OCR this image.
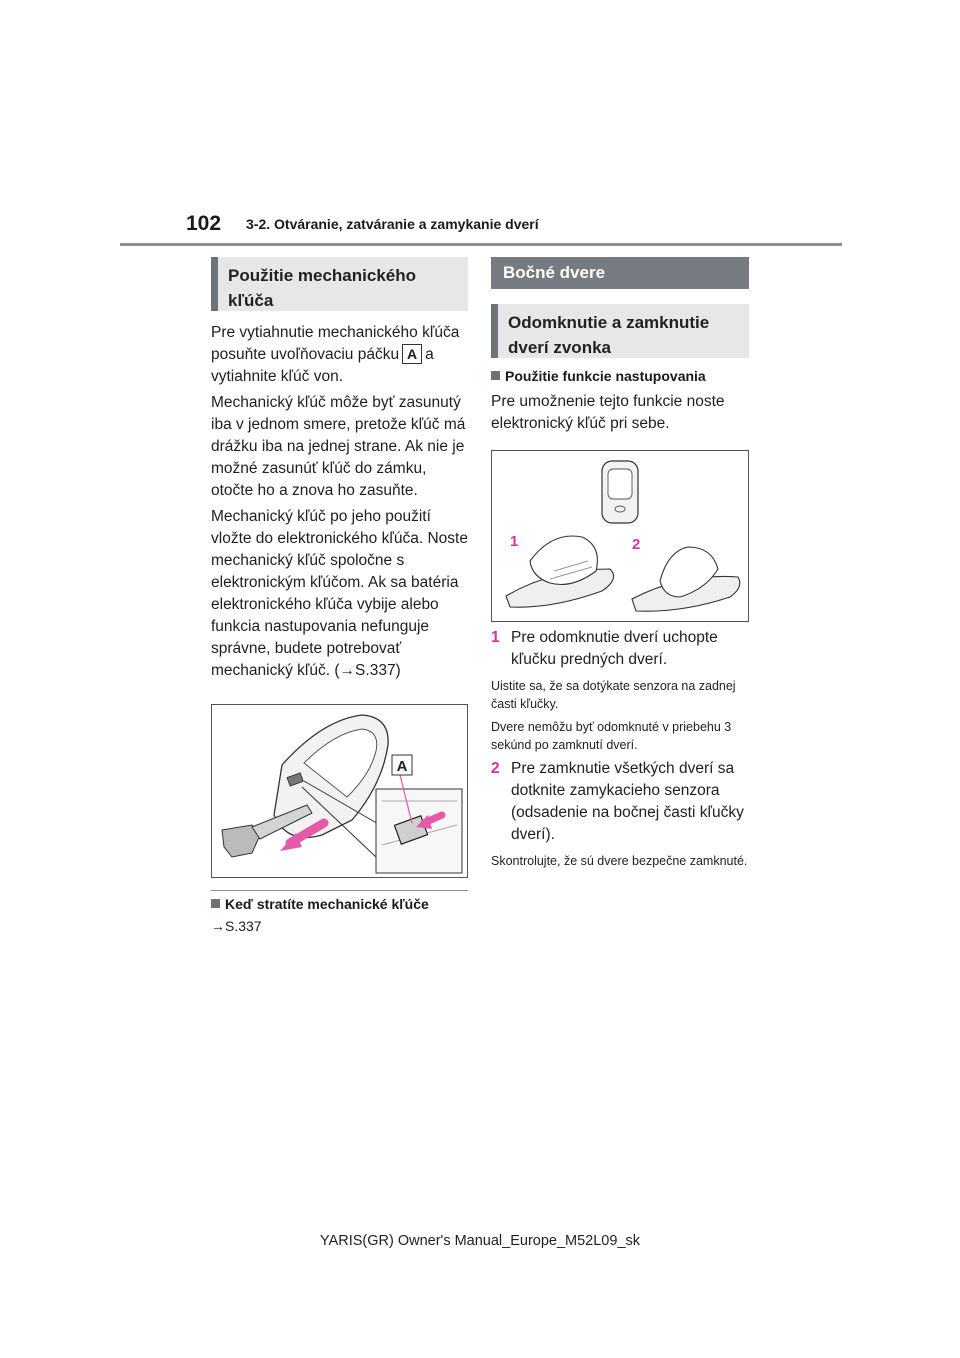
102 3-2. Otváranie, zatváranie a zamykanie dverí
Použitie mechanického kľúča

Pre vytiahnutie mechanického kľúča posuňte uvoľňovaciu páčku A a vytiahnite kľúč von.

Mechanický kľúč môže byť zasunutý iba v jednom smere, pretože kľúč má drážku iba na jednej strane. Ak nie je možné zasunúť kľúč do zámku, otočte ho a znova ho zasuňte.

Mechanický kľúč po jeho použití vložte do elektronického kľúča. Noste mechanický kľúč spoločne s elektronickým kľúčom. Ak sa batéria elektronického kľúča vybije alebo funkcia nastupovania nefunguje správne, budete potrebovať mechanický kľúč. (→S.337)

A
Keď stratíte mechanické kľúče
→S.337
Bočné dvere
Odomknutie a zamknutie dverí zvonka
Použitie funkcie nastupovania
Pre umožnenie tejto funkcie noste elektronický kľúč pri sebe.
1	2
1 Pre odomknutie dverí uchopte kľučku predných dverí.
Uistite sa, že sa dotýkate senzora na zadnej časti kľučky.
Dvere nemôžu byť odomknuté v priebehu 3 sekúnd po zamknutí dverí.
2 Pre zamknutie všetkých dverí sa dotknite zamykacieho senzora (odsadenie na bočnej časti kľučky dverí).
Skontrolujte, že sú dvere bezpečne zamknuté.
YARIS(GR) Owner's Manual_Europe_M52L09_sk
